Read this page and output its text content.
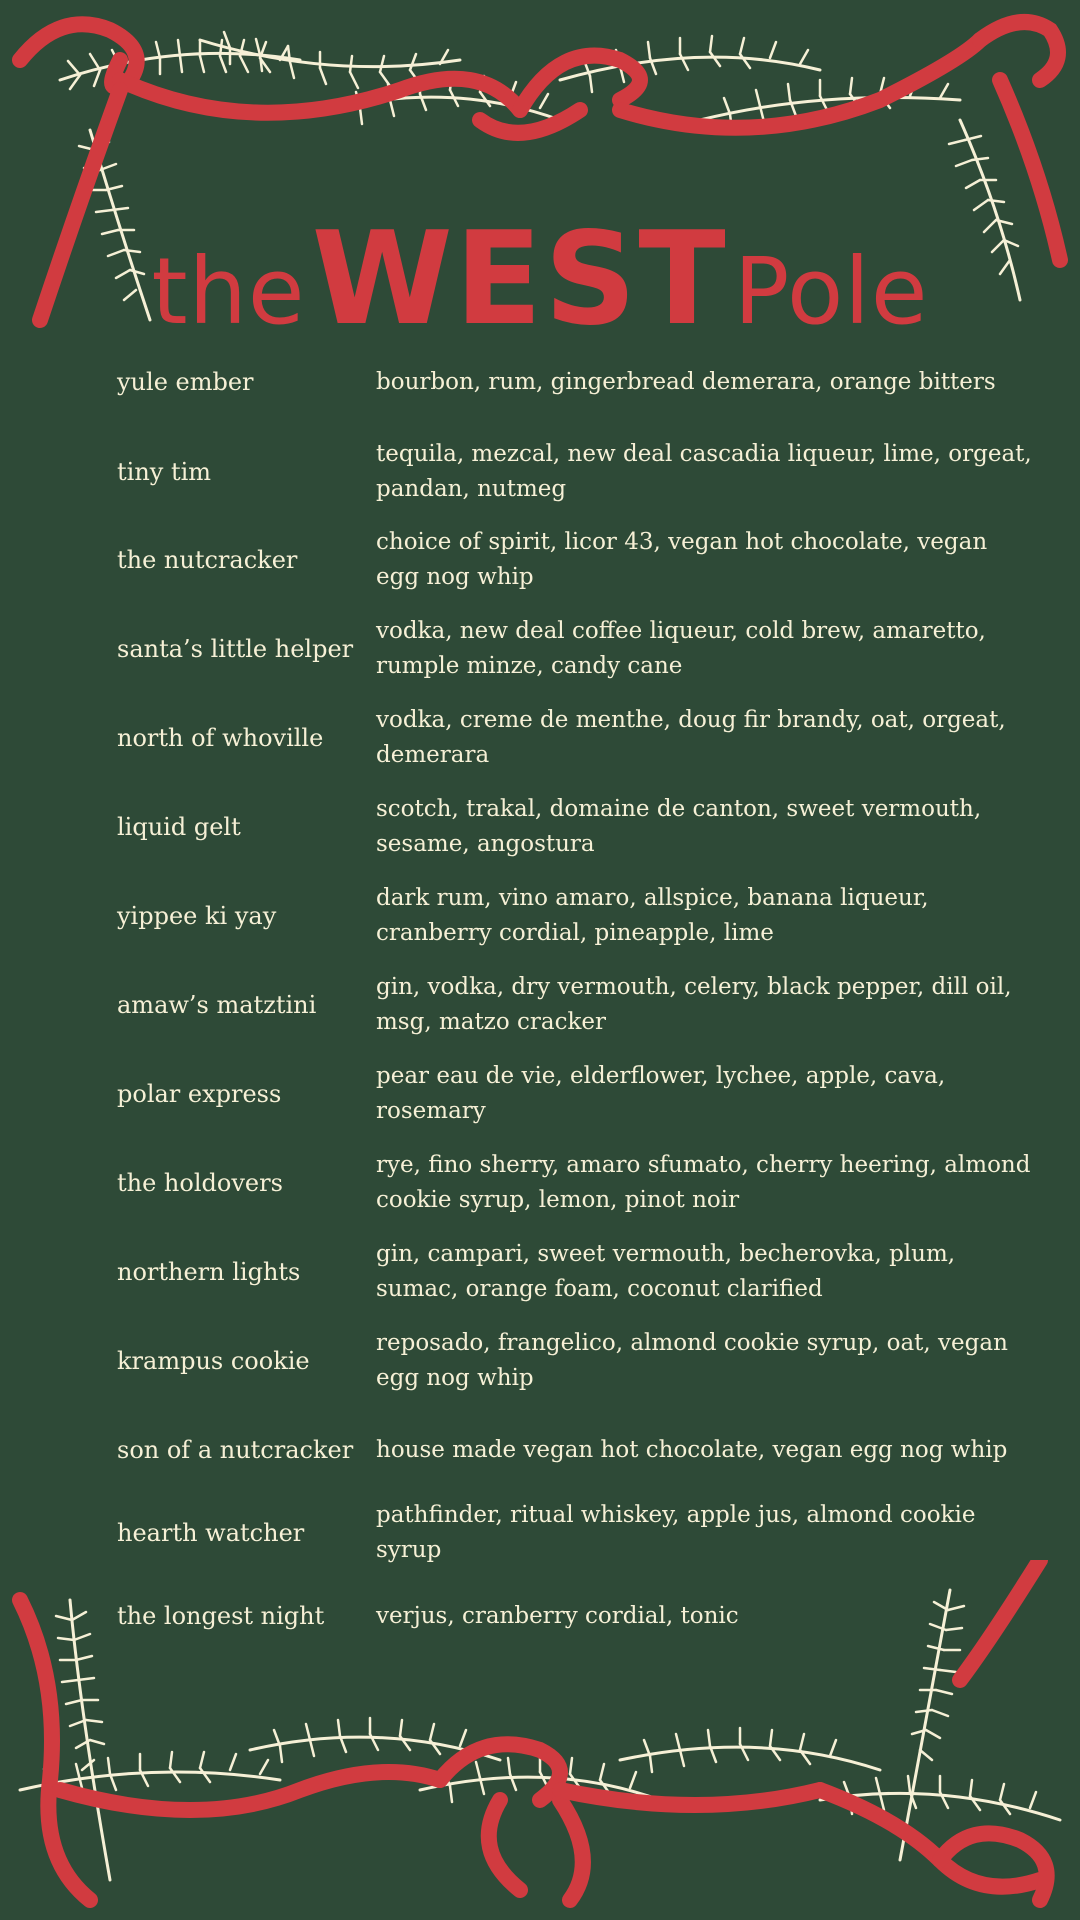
the WEST Pole
yule ember	bourbon, rum, gingerbread demerara, orange bitters
tiny tim
tequila, mezcal, new deal cascadia liqueur, lime, orgeat, pandan, nutmeg
the nutcracker
choice of spirit, licor 43, vegan hot chocolate, vegan egg nog whip
santa’s little helper
vodka, new deal coffee liqueur, cold brew, amaretto, rumple minze, candy cane
north of whoville
vodka, creme de menthe, doug fir brandy, oat, orgeat, demerara
liquid gelt
scotch, trakal, domaine de canton, sweet vermouth, sesame, angostura
yippee ki yay
dark rum, vino amaro, allspice, banana liqueur, cranberry cordial, pineapple, lime
amaw’s matztini
gin, vodka, dry vermouth, celery, black pepper, dill oil, msg, matzo cracker
polar express
pear eau de vie, elderflower, lychee, apple, cava, rosemary
the holdovers
rye, fino sherry, amaro sfumato, cherry heering, almond cookie syrup, lemon, pinot noir
northern lights
gin, campari, sweet vermouth, becherovka, plum, sumac, orange foam, coconut clarified
krampus cookie
reposado, frangelico, almond cookie syrup, oat, vegan egg nog whip
son of a nutcracker house made vegan hot chocolate, vegan egg nog whip
hearth watcher
pathfinder, ritual whiskey, apple jus, almond cookie syrup
the longest night	verjus, cranberry cordial, tonic
